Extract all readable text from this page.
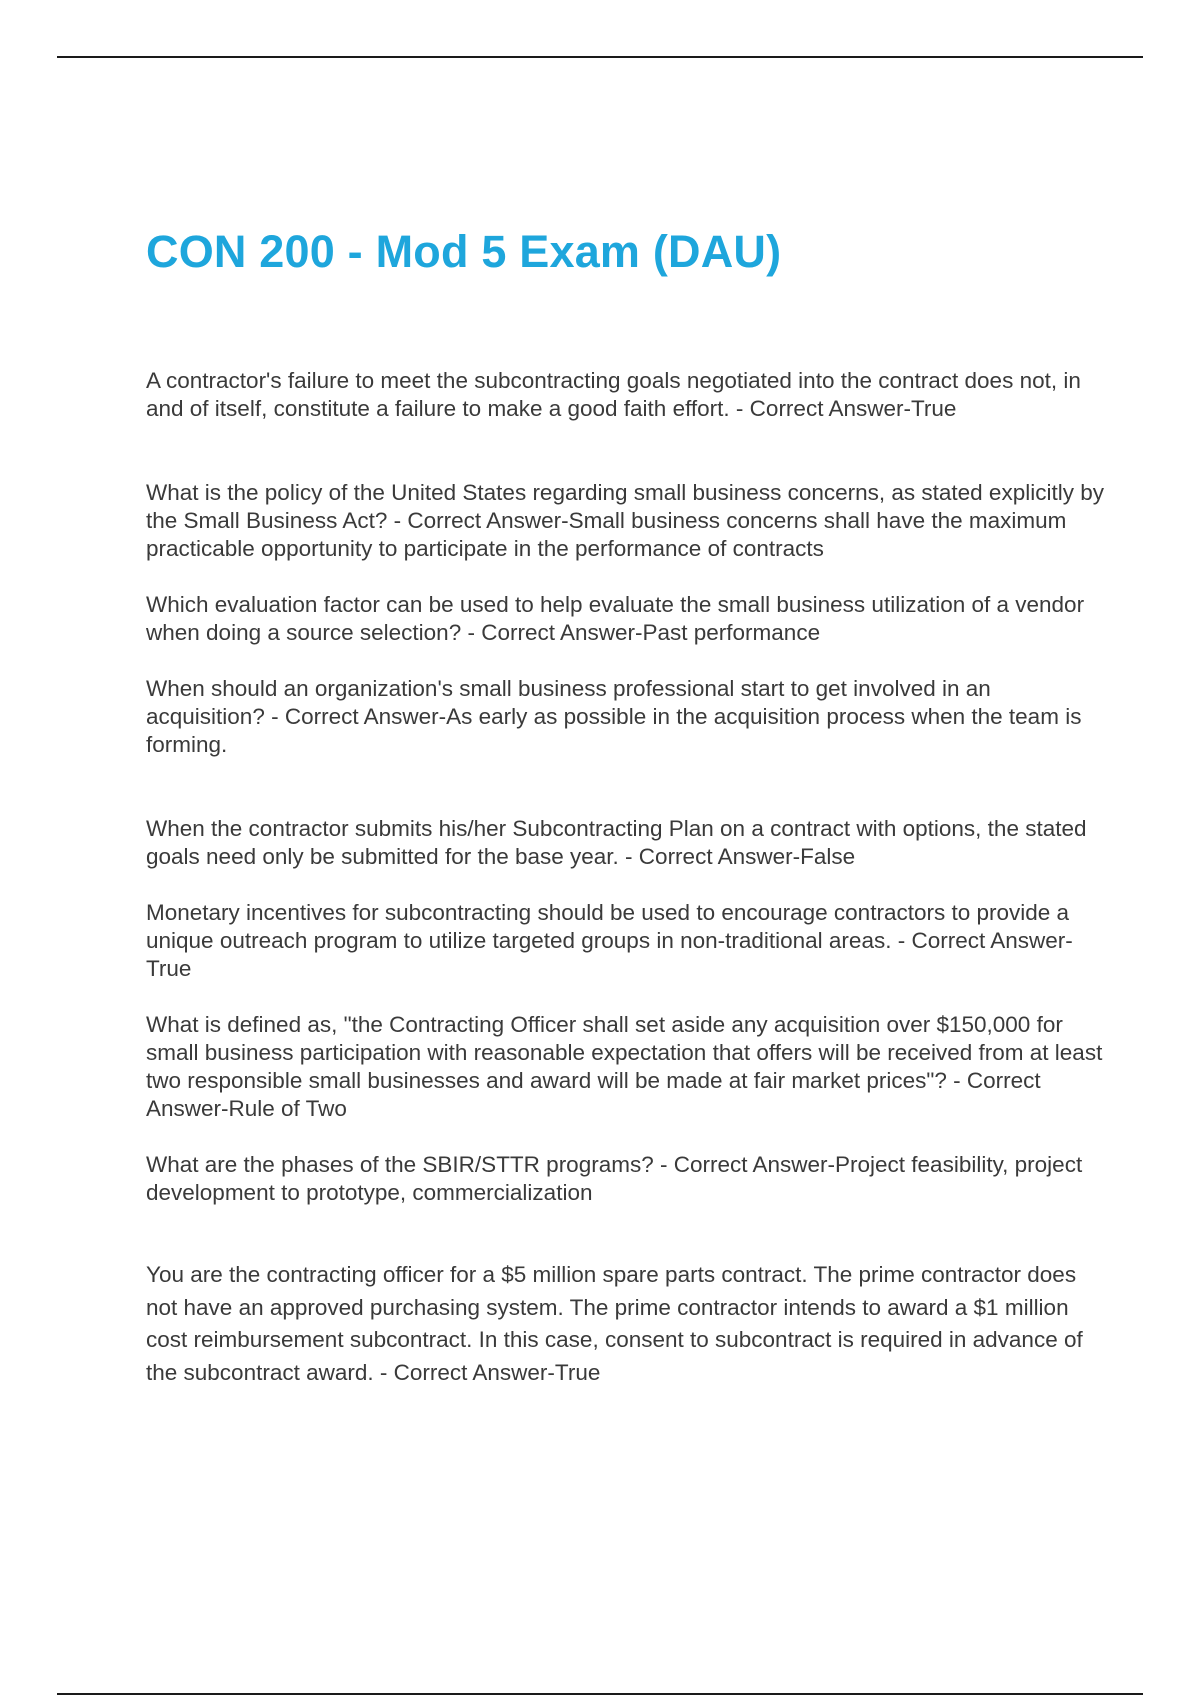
CON 200 - Mod 5 Exam (DAU)

A contractor's failure to meet the subcontracting goals negotiated into the contract does not, in and of itself, constitute a failure to make a good faith effort. - Correct Answer-True

What is the policy of the United States regarding small business concerns, as stated explicitly by the Small Business Act? - Correct Answer-Small business concerns shall have the maximum practicable opportunity to participate in the performance of contracts

Which evaluation factor can be used to help evaluate the small business utilization of a vendor when doing a source selection? - Correct Answer-Past performance

When should an organization's small business professional start to get involved in an acquisition? - Correct Answer-As early as possible in the acquisition process when the team is forming.

When the contractor submits his/her Subcontracting Plan on a contract with options, the stated goals need only be submitted for the base year. - Correct Answer-False

Monetary incentives for subcontracting should be used to encourage contractors to provide a unique outreach program to utilize targeted groups in non-traditional areas. - Correct Answer-True

What is defined as, "the Contracting Officer shall set aside any acquisition over $150,000 for small business participation with reasonable expectation that offers will be received from at least two responsible small businesses and award will be made at fair market prices"? - Correct Answer-Rule of Two

What are the phases of the SBIR/STTR programs? - Correct Answer-Project feasibility, project development to prototype, commercialization

You are the contracting officer for a $5 million spare parts contract. The prime contractor does not have an approved purchasing system. The prime contractor intends to award a $1 million cost reimbursement subcontract. In this case, consent to subcontract is required in advance of the subcontract award. - Correct Answer-True
